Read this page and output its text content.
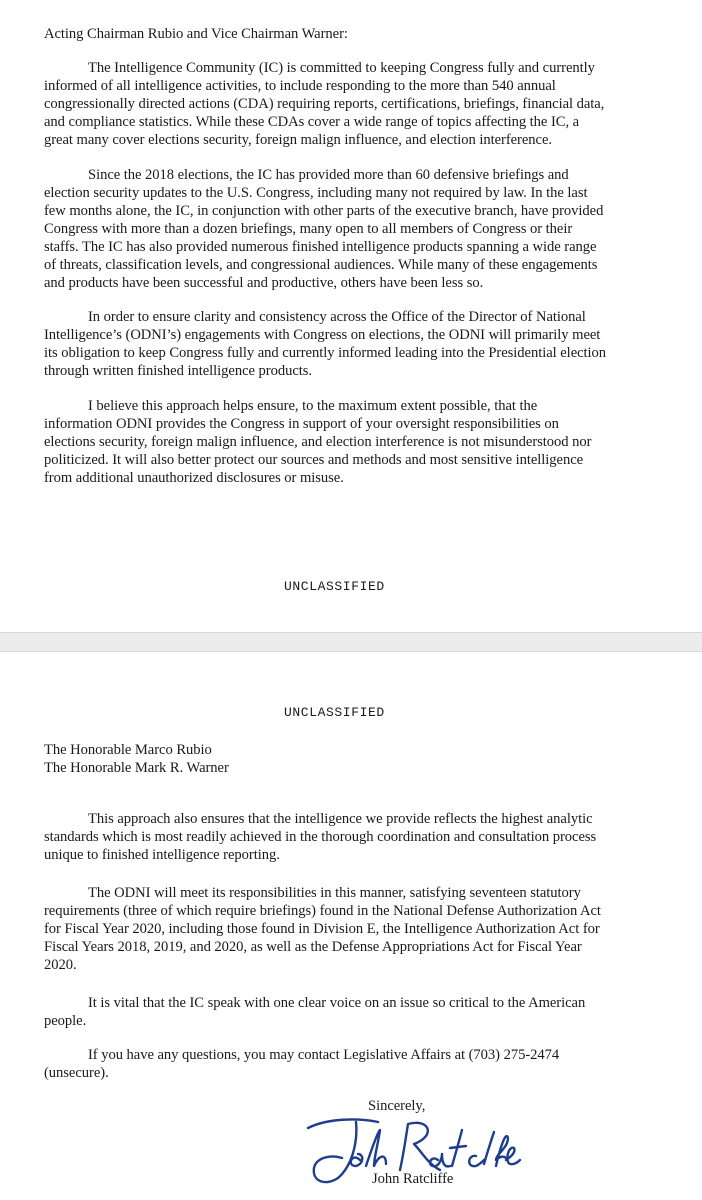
Acting Chairman Rubio and Vice Chairman Warner:
The Intelligence Community (IC) is committed to keeping Congress fully and currently
informed of all intelligence activities, to include responding to the more than 540 annual
congressionally directed actions (CDA) requiring reports, certifications, briefings, financial data,
and compliance statistics. While these CDAs cover a wide range of topics affecting the IC, a
great many cover elections security, foreign malign influence, and election interference.
Since the 2018 elections, the IC has provided more than 60 defensive briefings and
election security updates to the U.S. Congress, including many not required by law. In the last
few months alone, the IC, in conjunction with other parts of the executive branch, have provided
Congress with more than a dozen briefings, many open to all members of Congress or their
staffs. The IC has also provided numerous finished intelligence products spanning a wide range
of threats, classification levels, and congressional audiences. While many of these engagements
and products have been successful and productive, others have been less so.
In order to ensure clarity and consistency across the Office of the Director of National
Intelligence’s (ODNI’s) engagements with Congress on elections, the ODNI will primarily meet
its obligation to keep Congress fully and currently informed leading into the Presidential election
through written finished intelligence products.
I believe this approach helps ensure, to the maximum extent possible, that the
information ODNI provides the Congress in support of your oversight responsibilities on
elections security, foreign malign influence, and election interference is not misunderstood nor
politicized. It will also better protect our sources and methods and most sensitive intelligence
from additional unauthorized disclosures or misuse.
UNCLASSIFIED
UNCLASSIFIED
The Honorable Marco Rubio
The Honorable Mark R. Warner
This approach also ensures that the intelligence we provide reflects the highest analytic
standards which is most readily achieved in the thorough coordination and consultation process
unique to finished intelligence reporting.
The ODNI will meet its responsibilities in this manner, satisfying seventeen statutory
requirements (three of which require briefings) found in the National Defense Authorization Act
for Fiscal Year 2020, including those found in Division E, the Intelligence Authorization Act for
Fiscal Years 2018, 2019, and 2020, as well as the Defense Appropriations Act for Fiscal Year
2020.
It is vital that the IC speak with one clear voice on an issue so critical to the American
people.
If you have any questions, you may contact Legislative Affairs at (703) 275-2474
(unsecure).
Sincerely,
John Ratcliffe
